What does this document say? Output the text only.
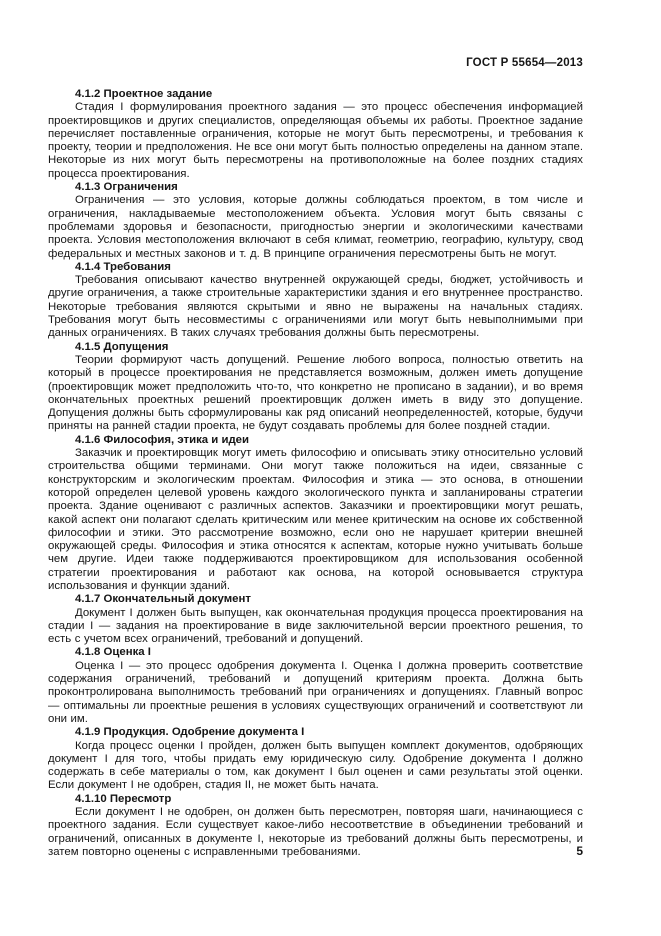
ГОСТ Р 55654—2013
4.1.2 Проектное задание

Стадия I формулирования проектного задания — это процесс обеспечения информацией проектировщиков и других специалистов, определяющая объемы их работы. Проектное задание перечисляет поставленные ограничения, которые не могут быть пересмотрены, и требования к проекту, теории и предположения. Не все они могут быть полностью определены на данном этапе. Некоторые из них могут быть пересмотрены на противоположные на более поздних стадиях процесса проектирования.

4.1.3 Ограничения

Ограничения — это условия, которые должны соблюдаться проектом, в том числе и ограничения, накладываемые местоположением объекта. Условия могут быть связаны с проблемами здоровья и безопасности, пригодностью энергии и экологическими качествами проекта. Условия местоположения включают в себя климат, геометрию, географию, культуру, свод федеральных и местных законов и т. д. В принципе ограничения пересмотрены быть не могут.

4.1.4 Требования

Требования описывают качество внутренней окружающей среды, бюджет, устойчивость и другие ограничения, а также строительные характеристики здания и его внутреннее пространство. Некоторые требования являются скрытыми и явно не выражены на начальных стадиях. Требования могут быть несовместимы с ограничениями или могут быть невыполнимыми при данных ограничениях. В таких случаях требования должны быть пересмотрены.

4.1.5 Допущения

Теории формируют часть допущений. Решение любого вопроса, полностью ответить на который в процессе проектирования не представляется возможным, должен иметь допущение (проектировщик может предположить что-то, что конкретно не прописано в задании), и во время окончательных проектных решений проектировщик должен иметь в виду это допущение. Допущения должны быть сформулированы как ряд описаний неопределенностей, которые, будучи приняты на ранней стадии проекта, не будут создавать проблемы для более поздней стадии.

4.1.6 Философия, этика и идеи

Заказчик и проектировщик могут иметь философию и описывать этику относительно условий строительства общими терминами. Они могут также положиться на идеи, связанные с конструкторским и экологическим проектам. Философия и этика — это основа, в отношении которой определен целевой уровень каждого экологического пункта и запланированы стратегии проекта. Здание оценивают с различных аспектов. Заказчики и проектировщики могут решать, какой аспект они полагают сделать критическим или менее критическим на основе их собственной философии и этики. Это рассмотрение возможно, если оно не нарушает критерии внешней окружающей среды. Философия и этика относятся к аспектам, которые нужно учитывать больше чем другие. Идеи также поддерживаются проектировщиком для использования особенной стратегии проектирования и работают как основа, на которой основывается структура использования и функции зданий.

4.1.7 Окончательный документ

Документ I должен быть выпущен, как окончательная продукция процесса проектирования на стадии I — задания на проектирование в виде заключительной версии проектного решения, то есть с учетом всех ограничений, требований и допущений.

4.1.8 Оценка I

Оценка I — это процесс одобрения документа I. Оценка I должна проверить соответствие содержания ограничений, требований и допущений критериям проекта. Должна быть проконтролирована выполнимость требований при ограничениях и допущениях. Главный вопрос — оптимальны ли проектные решения в условиях существующих ограничений и соответствуют ли они им.

4.1.9 Продукция. Одобрение документа I

Когда процесс оценки I пройден, должен быть выпущен комплект документов, одобряющих документ I для того, чтобы придать ему юридическую силу. Одобрение документа I должно содержать в себе материалы о том, как документ I был оценен и сами результаты этой оценки. Если документ I не одобрен, стадия II, не может быть начата.

4.1.10 Пересмотр

Если документ I не одобрен, он должен быть пересмотрен, повторяя шаги, начинающиеся с проектного задания. Если существует какое-либо несоответствие в объединении требований и ограничений, описанных в документе I, некоторые из требований должны быть пересмотрены, и затем повторно оценены с исправленными требованиями.	5
